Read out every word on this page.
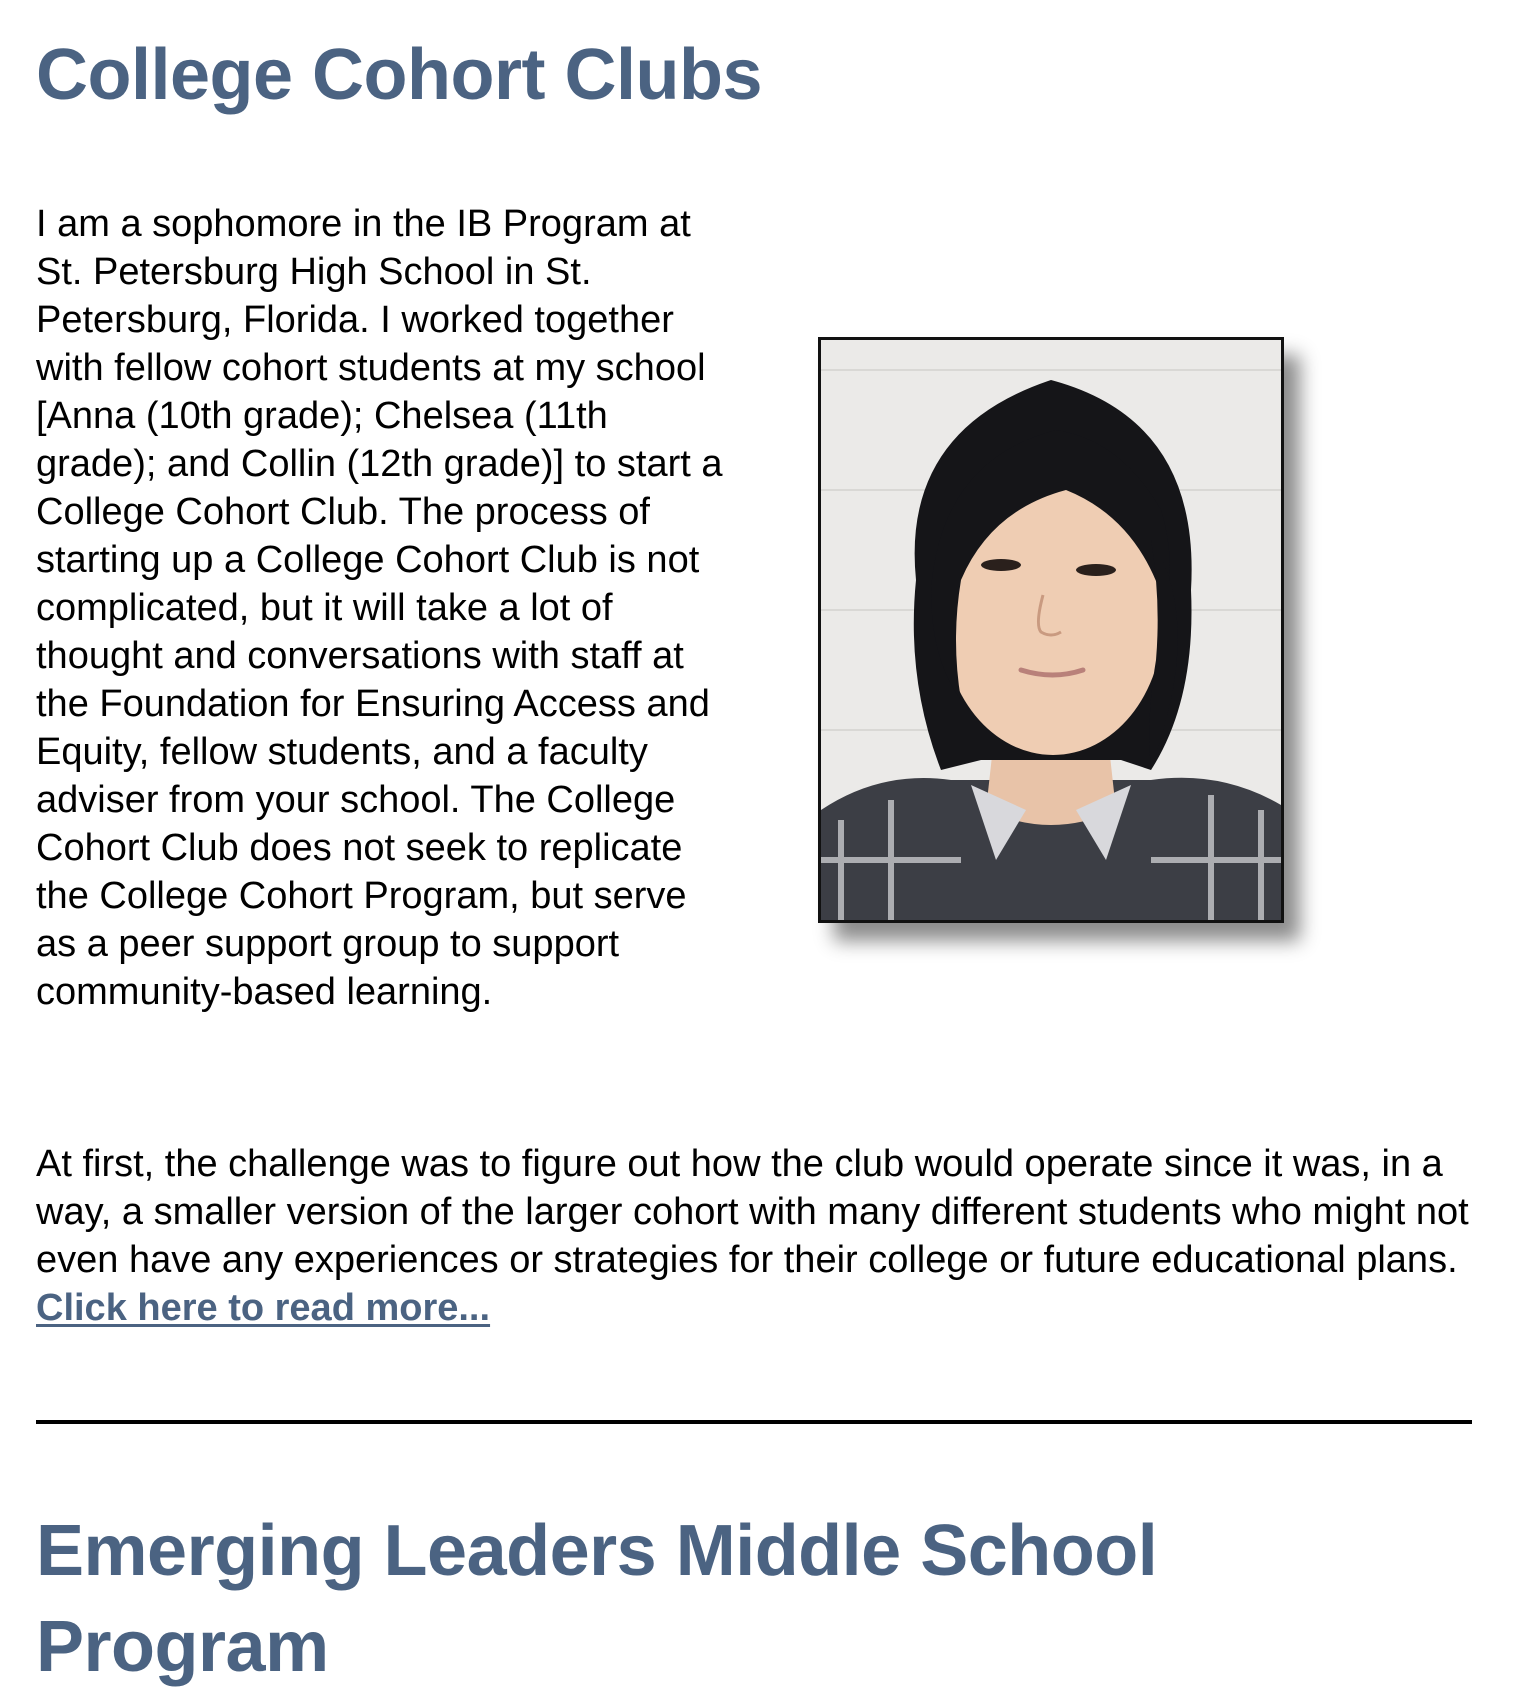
College Cohort Clubs

I am a sophomore in the IB Program at St. Petersburg High School in St. Petersburg, Florida. I worked together with fellow cohort students at my school [Anna (10th grade); Chelsea (11th grade); and Collin (12th grade)] to start a College Cohort Club. The process of starting up a College Cohort Club is not complicated, but it will take a lot of thought and conversations with staff at the Foundation for Ensuring Access and Equity, fellow students, and a faculty adviser from your school. The College Cohort Club does not seek to replicate the College Cohort Program, but serve as a peer support group to support community-based learning.

At first, the challenge was to figure out how the club would operate since it was, in a way, a smaller version of the larger cohort with many different students who might not even have any experiences or strategies for their college or future educational plans. Click here to read more...

Emerging Leaders Middle School Program
